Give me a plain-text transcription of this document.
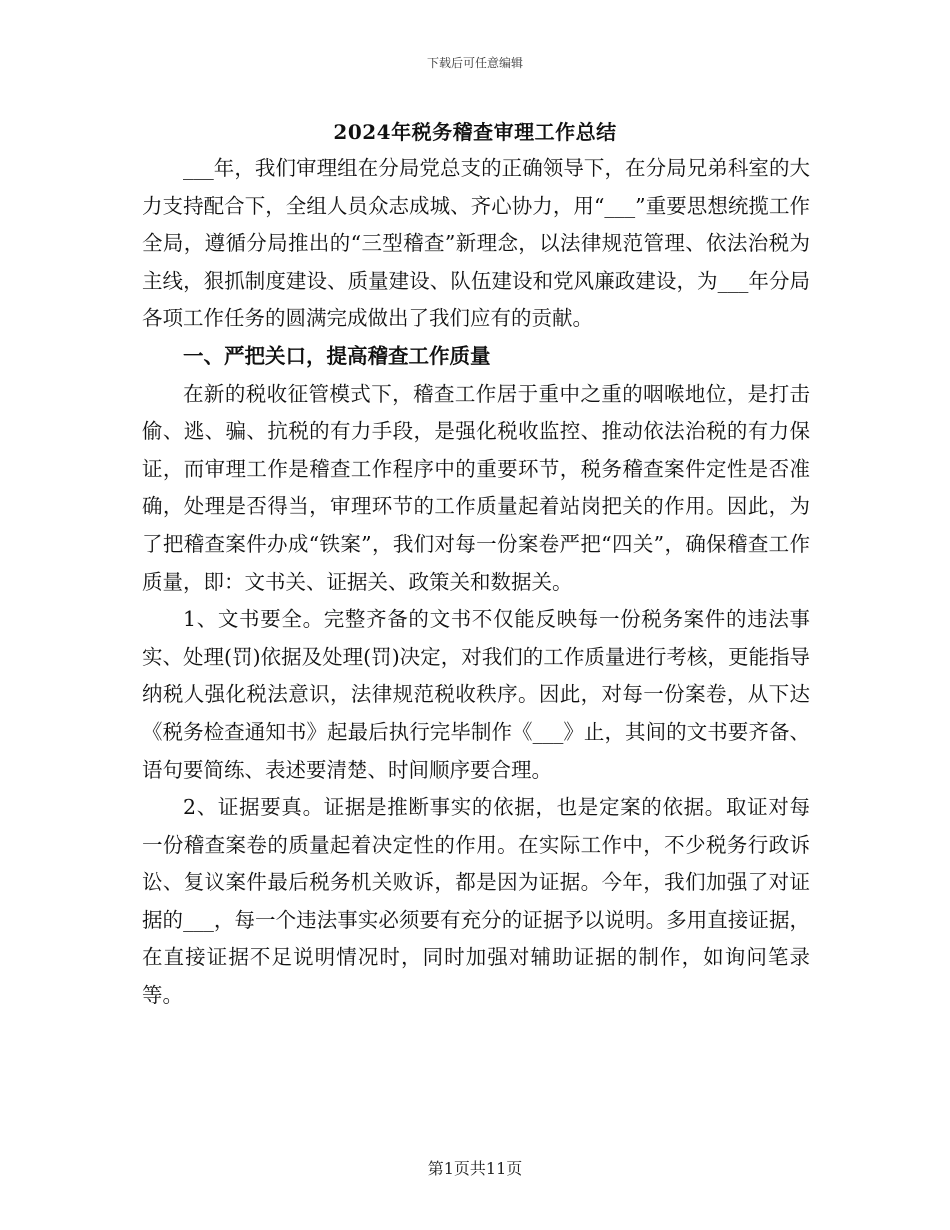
下载后可任意编辑
2024年税务稽查审理工作总结

___年，我们审理组在分局党总支的正确领导下，在分局兄弟科室的大力支持配合下，全组人员众志成城、齐心协力，用“___”重要思想统揽工作全局，遵循分局推出的“三型稽查”新理念，以法律规范管理、依法治税为主线，狠抓制度建设、质量建设、队伍建设和党风廉政建设，为___年分局各项工作任务的圆满完成做出了我们应有的贡献。

一、严把关口，提高稽查工作质量

在新的税收征管模式下，稽查工作居于重中之重的咽喉地位，是打击偷、逃、骗、抗税的有力手段，是强化税收监控、推动依法治税的有力保证，而审理工作是稽查工作程序中的重要环节，税务稽查案件定性是否准确，处理是否得当，审理环节的工作质量起着站岗把关的作用。因此，为了把稽查案件办成“铁案”，我们对每一份案卷严把“四关”，确保稽查工作质量，即：文书关、证据关、政策关和数据关。

1、文书要全。完整齐备的文书不仅能反映每一份税务案件的违法事实、处理(罚)依据及处理(罚)决定，对我们的工作质量进行考核，更能指导纳税人强化税法意识，法律规范税收秩序。因此，对每一份案卷，从下达《税务检查通知书》起最后执行完毕制作《___》止，其间的文书要齐备、语句要简练、表述要清楚、时间顺序要合理。

2、证据要真。证据是推断事实的依据，也是定案的依据。取证对每一份稽查案卷的质量起着决定性的作用。在实际工作中，不少税务行政诉讼、复议案件最后税务机关败诉，都是因为证据。今年，我们加强了对证据的___，每一个违法事实必须要有充分的证据予以说明。多用直接证据，在直接证据不足说明情况时，同时加强对辅助证据的制作，如询问笔录等。

第1页共11页
